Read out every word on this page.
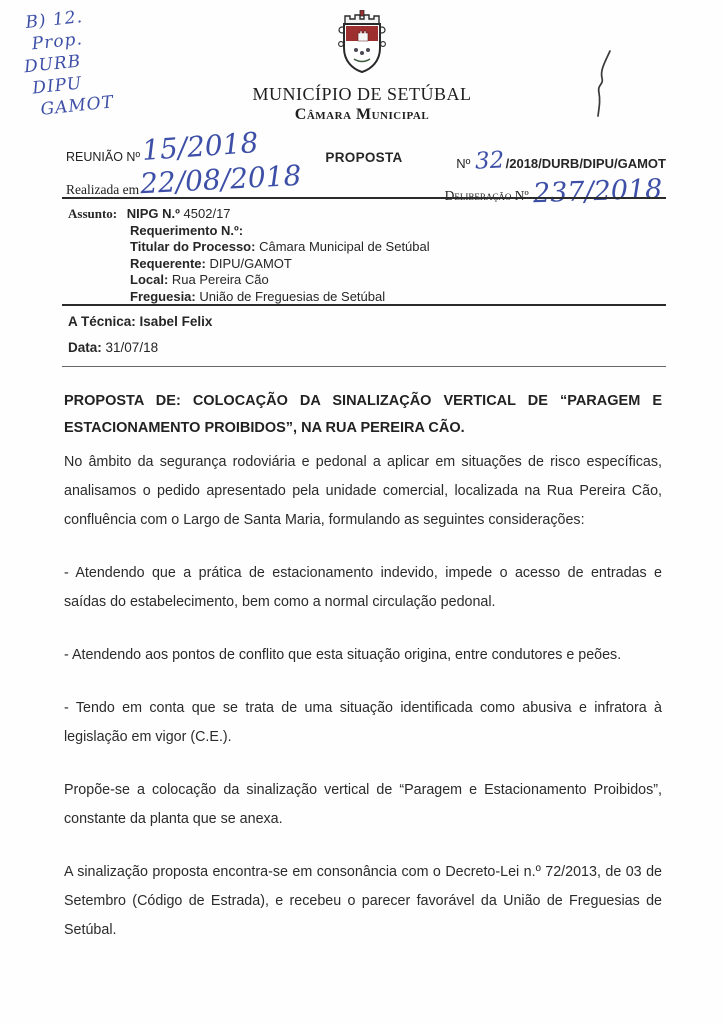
B) 12.
Prop.
DURB
DIPU
GAMOT	MUNICÍPIO DE SETÚBAL
Câmara Municipal
REUNIÃO Nº 15/2018	PROPOSTA	Nº 32 /2018/DURB/DIPU/GAMOT
Realizada em 22/08/2018	Deliberação Nº 237/2018
Assunto: NIPG N.º 4502/17
Requerimento N.º:
Titular do Processo: Câmara Municipal de Setúbal
Requerente: DIPU/GAMOT
Local: Rua Pereira Cão
Freguesia: União de Freguesias de Setúbal
A Técnica: Isabel Felix
Data: 31/07/18
PROPOSTA DE: COLOCAÇÃO DA SINALIZAÇÃO VERTICAL DE “PARAGEM E
ESTACIONAMENTO PROIBIDOS”, NA RUA PEREIRA CÃO.

No âmbito da segurança rodoviária e pedonal a aplicar em situações de risco específicas, analisamos o pedido apresentado pela unidade comercial, localizada na Rua Pereira Cão, confluência com o Largo de Santa Maria, formulando as seguintes considerações:

- Atendendo que a prática de estacionamento indevido, impede o acesso de entradas e saídas do estabelecimento, bem como a normal circulação pedonal.

- Atendendo aos pontos de conflito que esta situação origina, entre condutores e peões.

- Tendo em conta que se trata de uma situação identificada como abusiva e infratora à legislação em vigor (C.E.).

Propõe-se a colocação da sinalização vertical de “Paragem e Estacionamento Proibidos”, constante da planta que se anexa.

A sinalização proposta encontra-se em consonância com o Decreto-Lei n.º 72/2013, de 03 de Setembro (Código de Estrada), e recebeu o parecer favorável da União de Freguesias de Setúbal.
